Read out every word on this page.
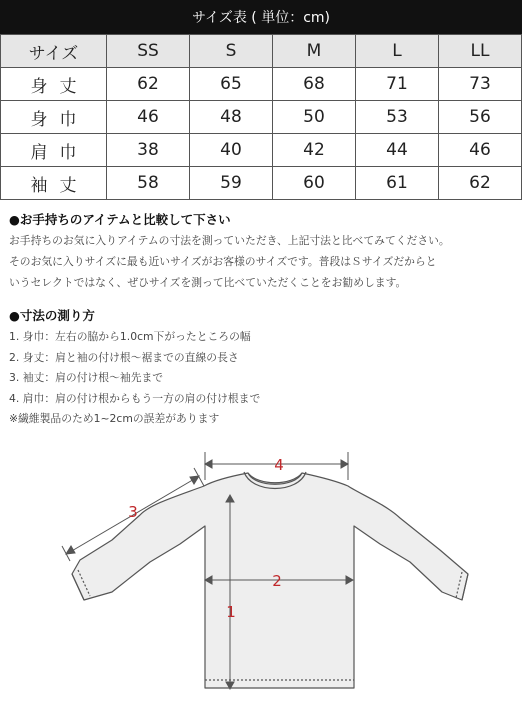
サイズ表 ( 単位：cm)
サイズ	SS	S	M	L	LL
身丈	62	65	68	71	73
身巾	46	48	50	53	56
肩巾	38	40	42	44	46
袖丈	58	59	60	61	62
●お手持ちのアイテムと比較して下さい
お手持ちのお気に入りアイテムの寸法を測っていただき、上記寸法と比べてみてください。
そのお気に入りサイズに最も近いサイズがお客様のサイズです。普段はＳサイズだからと
いうセレクトではなく、ぜひサイズを測って比べていただくことをお勧めします。
●寸法の測り方
1. 身巾：左右の脇から1.0cm下がったところの幅
2. 身丈：肩と袖の付け根～裾までの直線の長さ
3. 袖丈：肩の付け根～袖先まで
4. 肩巾：肩の付け根からもう一方の肩の付け根まで
※繊維製品のため1~2cmの誤差があります
4
2
1
3
